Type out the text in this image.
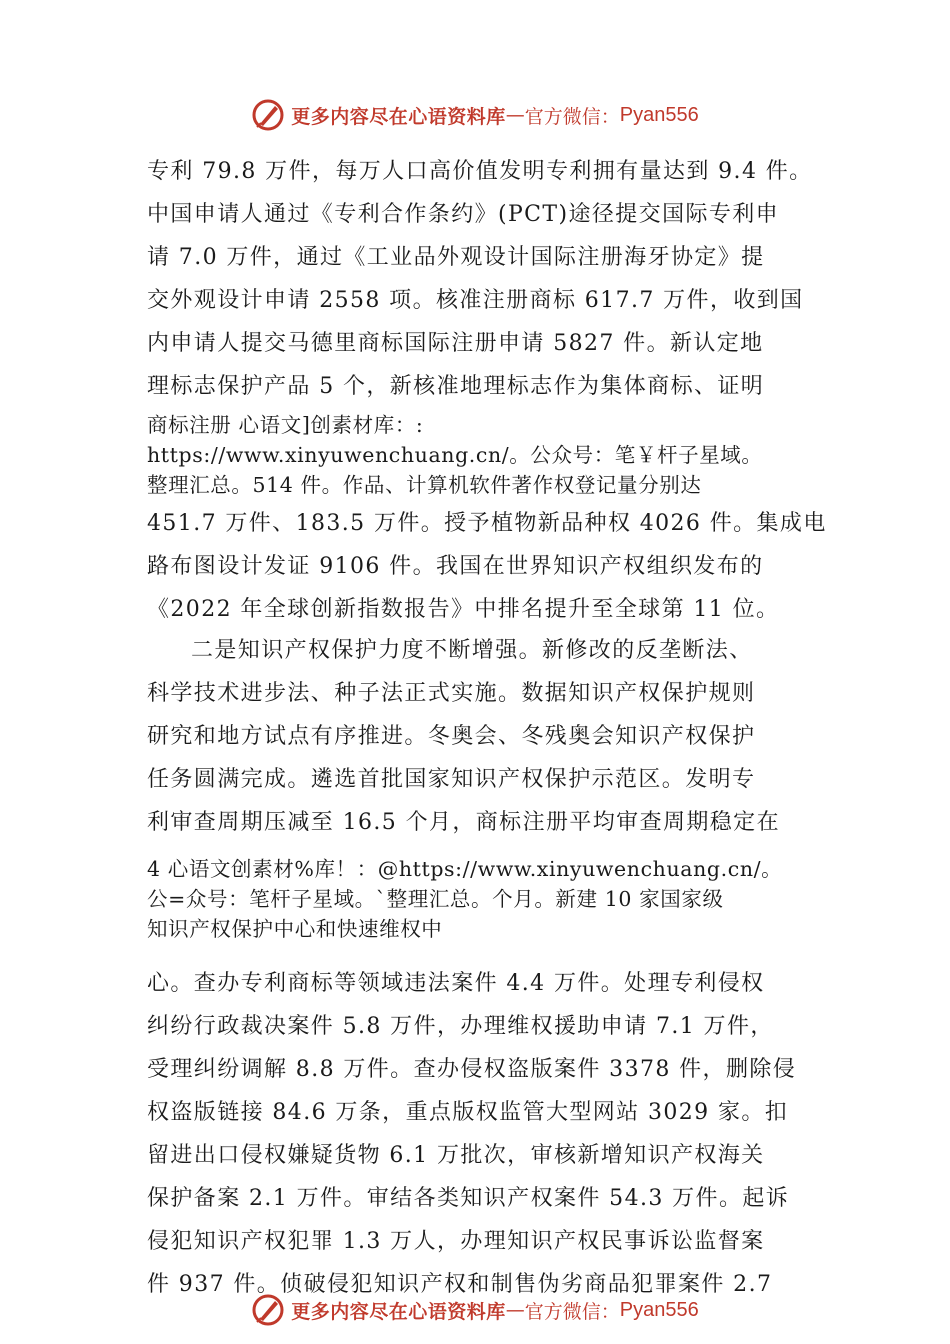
更多内容尽在心语资料库 — 官方微信： Pyan556
专利 79.8 万件，每万人口高价值发明专利拥有量达到 9.4 件。
中国申请人通过《专利合作条约》(PCT)途径提交国际专利申
请 7.0 万件，通过《工业品外观设计国际注册海牙协定》提
交外观设计申请 2558 项。核准注册商标 617.7 万件，收到国
内申请人提交马德里商标国际注册申请 5827 件。新认定地
理标志保护产品 5 个，新核准地理标志作为集体商标、证明
商标注册 心语文]创素材库：:
https://www.xinyuwenchuang.cn/。公众号：笔￥杆子星域。
整理汇总。514 件。作品、计算机软件著作权登记量分别达
451.7 万件、183.5 万件。授予植物新品种权 4026 件。集成电
路布图设计发证 9106 件。我国在世界知识产权组织发布的
《2022 年全球创新指数报告》中排名提升至全球第 11 位。
二是知识产权保护力度不断增强。新修改的反垄断法、
科学技术进步法、种子法正式实施。数据知识产权保护规则
研究和地方试点有序推进。冬奥会、冬残奥会知识产权保护
任务圆满完成。遴选首批国家知识产权保护示范区。发明专
利审查周期压减至 16.5 个月，商标注册平均审查周期稳定在
4 心语文创素材%库！：@https://www.xinyuwenchuang.cn/。
公=众号：笔杆子星域。`整理汇总。个月。新建 10 家国家级
知识产权保护中心和快速维权中
心。查办专利商标等领域违法案件 4.4 万件。处理专利侵权
纠纷行政裁决案件 5.8 万件，办理维权援助申请 7.1 万件，
受理纠纷调解 8.8 万件。查办侵权盗版案件 3378 件，删除侵
权盗版链接 84.6 万条，重点版权监管大型网站 3029 家。扣
留进出口侵权嫌疑货物 6.1 万批次，审核新增知识产权海关
保护备案 2.1 万件。审结各类知识产权案件 54.3 万件。起诉
侵犯知识产权犯罪 1.3 万人，办理知识产权民事诉讼监督案
件 937 件。侦破侵犯知识产权和制售伪劣商品犯罪案件 2.7
更多内容尽在心语资料库 — 官方微信： Pyan556
